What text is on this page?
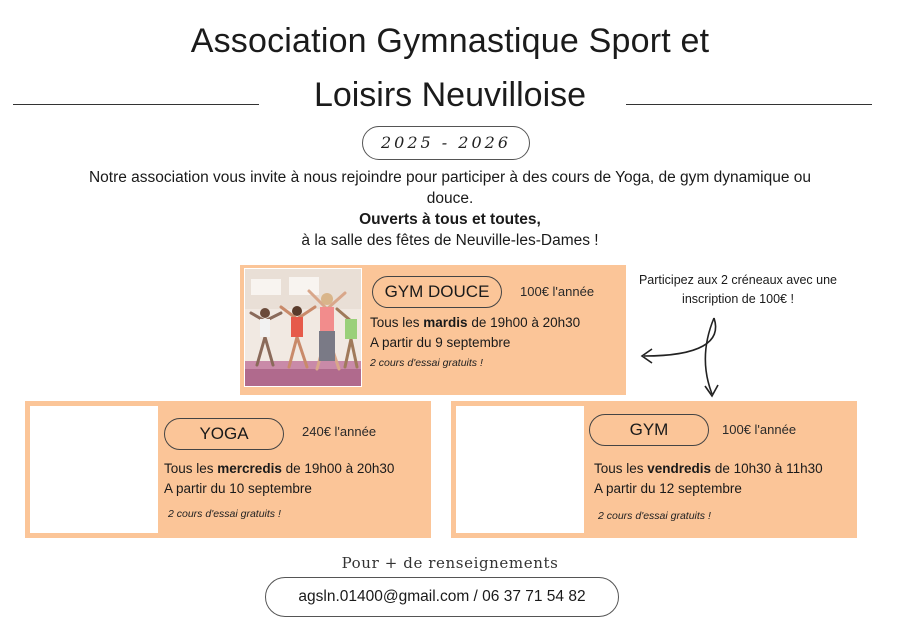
Association Gymnastique Sport et
Loisirs Neuvilloise
2025 - 2026
Notre association vous invite à nous rejoindre pour participer à des cours de Yoga, de gym dynamique ou douce.
Ouverts à tous et toutes,
à la salle des fêtes de Neuville-les-Dames !
GYM DOUCE	100€ l'année
Tous les mardis de 19h00 à 20h30
A partir du 9 septembre
2 cours d'essai gratuits !
Participez aux 2 créneaux avec une inscription de 100€ !
YOGA	240€ l'année
Tous les mercredis de 19h00 à 20h30
A partir du 10 septembre
2 cours d'essai gratuits !
GYM	100€ l'année
Tous les vendredis de 10h30 à 11h30
A partir du 12 septembre
2 cours d'essai gratuits !
Pour + de renseignements
agsln.01400@gmail.com / 06 37 71 54 82
